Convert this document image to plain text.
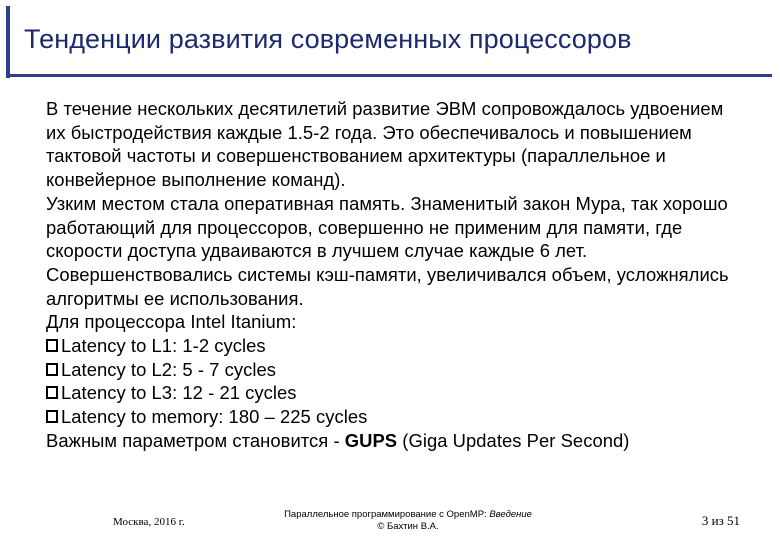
Тенденции развития современных процессоров

В течение нескольких десятилетий развитие ЭВМ сопровождалось удвоением их быстродействия каждые 1.5-2 года. Это обеспечивалось и повышением тактовой частоты и совершенствованием архитектуры (параллельное и конвейерное выполнение команд).

Узким местом стала оперативная память. Знаменитый закон Мура, так хорошо работающий для процессоров, совершенно не применим для памяти, где скорости доступа удваиваются в лучшем случае каждые 6 лет.

Совершенствовались системы кэш-памяти, увеличивался объем, усложнялись алгоритмы ее использования.

Для процессора Intel Itanium:

Latency to L1: 1-2 cycles
Latency to L2: 5 - 7 cycles
Latency to L3: 12 - 21 cycles
Latency to memory: 180 – 225 cycles

Важным параметром становится - GUPS (Giga Updates Per Second)

Москва, 2016 г.
Параллельное программирование с OpenMP: Введение
© Бахтин В.А.	3 из 51
